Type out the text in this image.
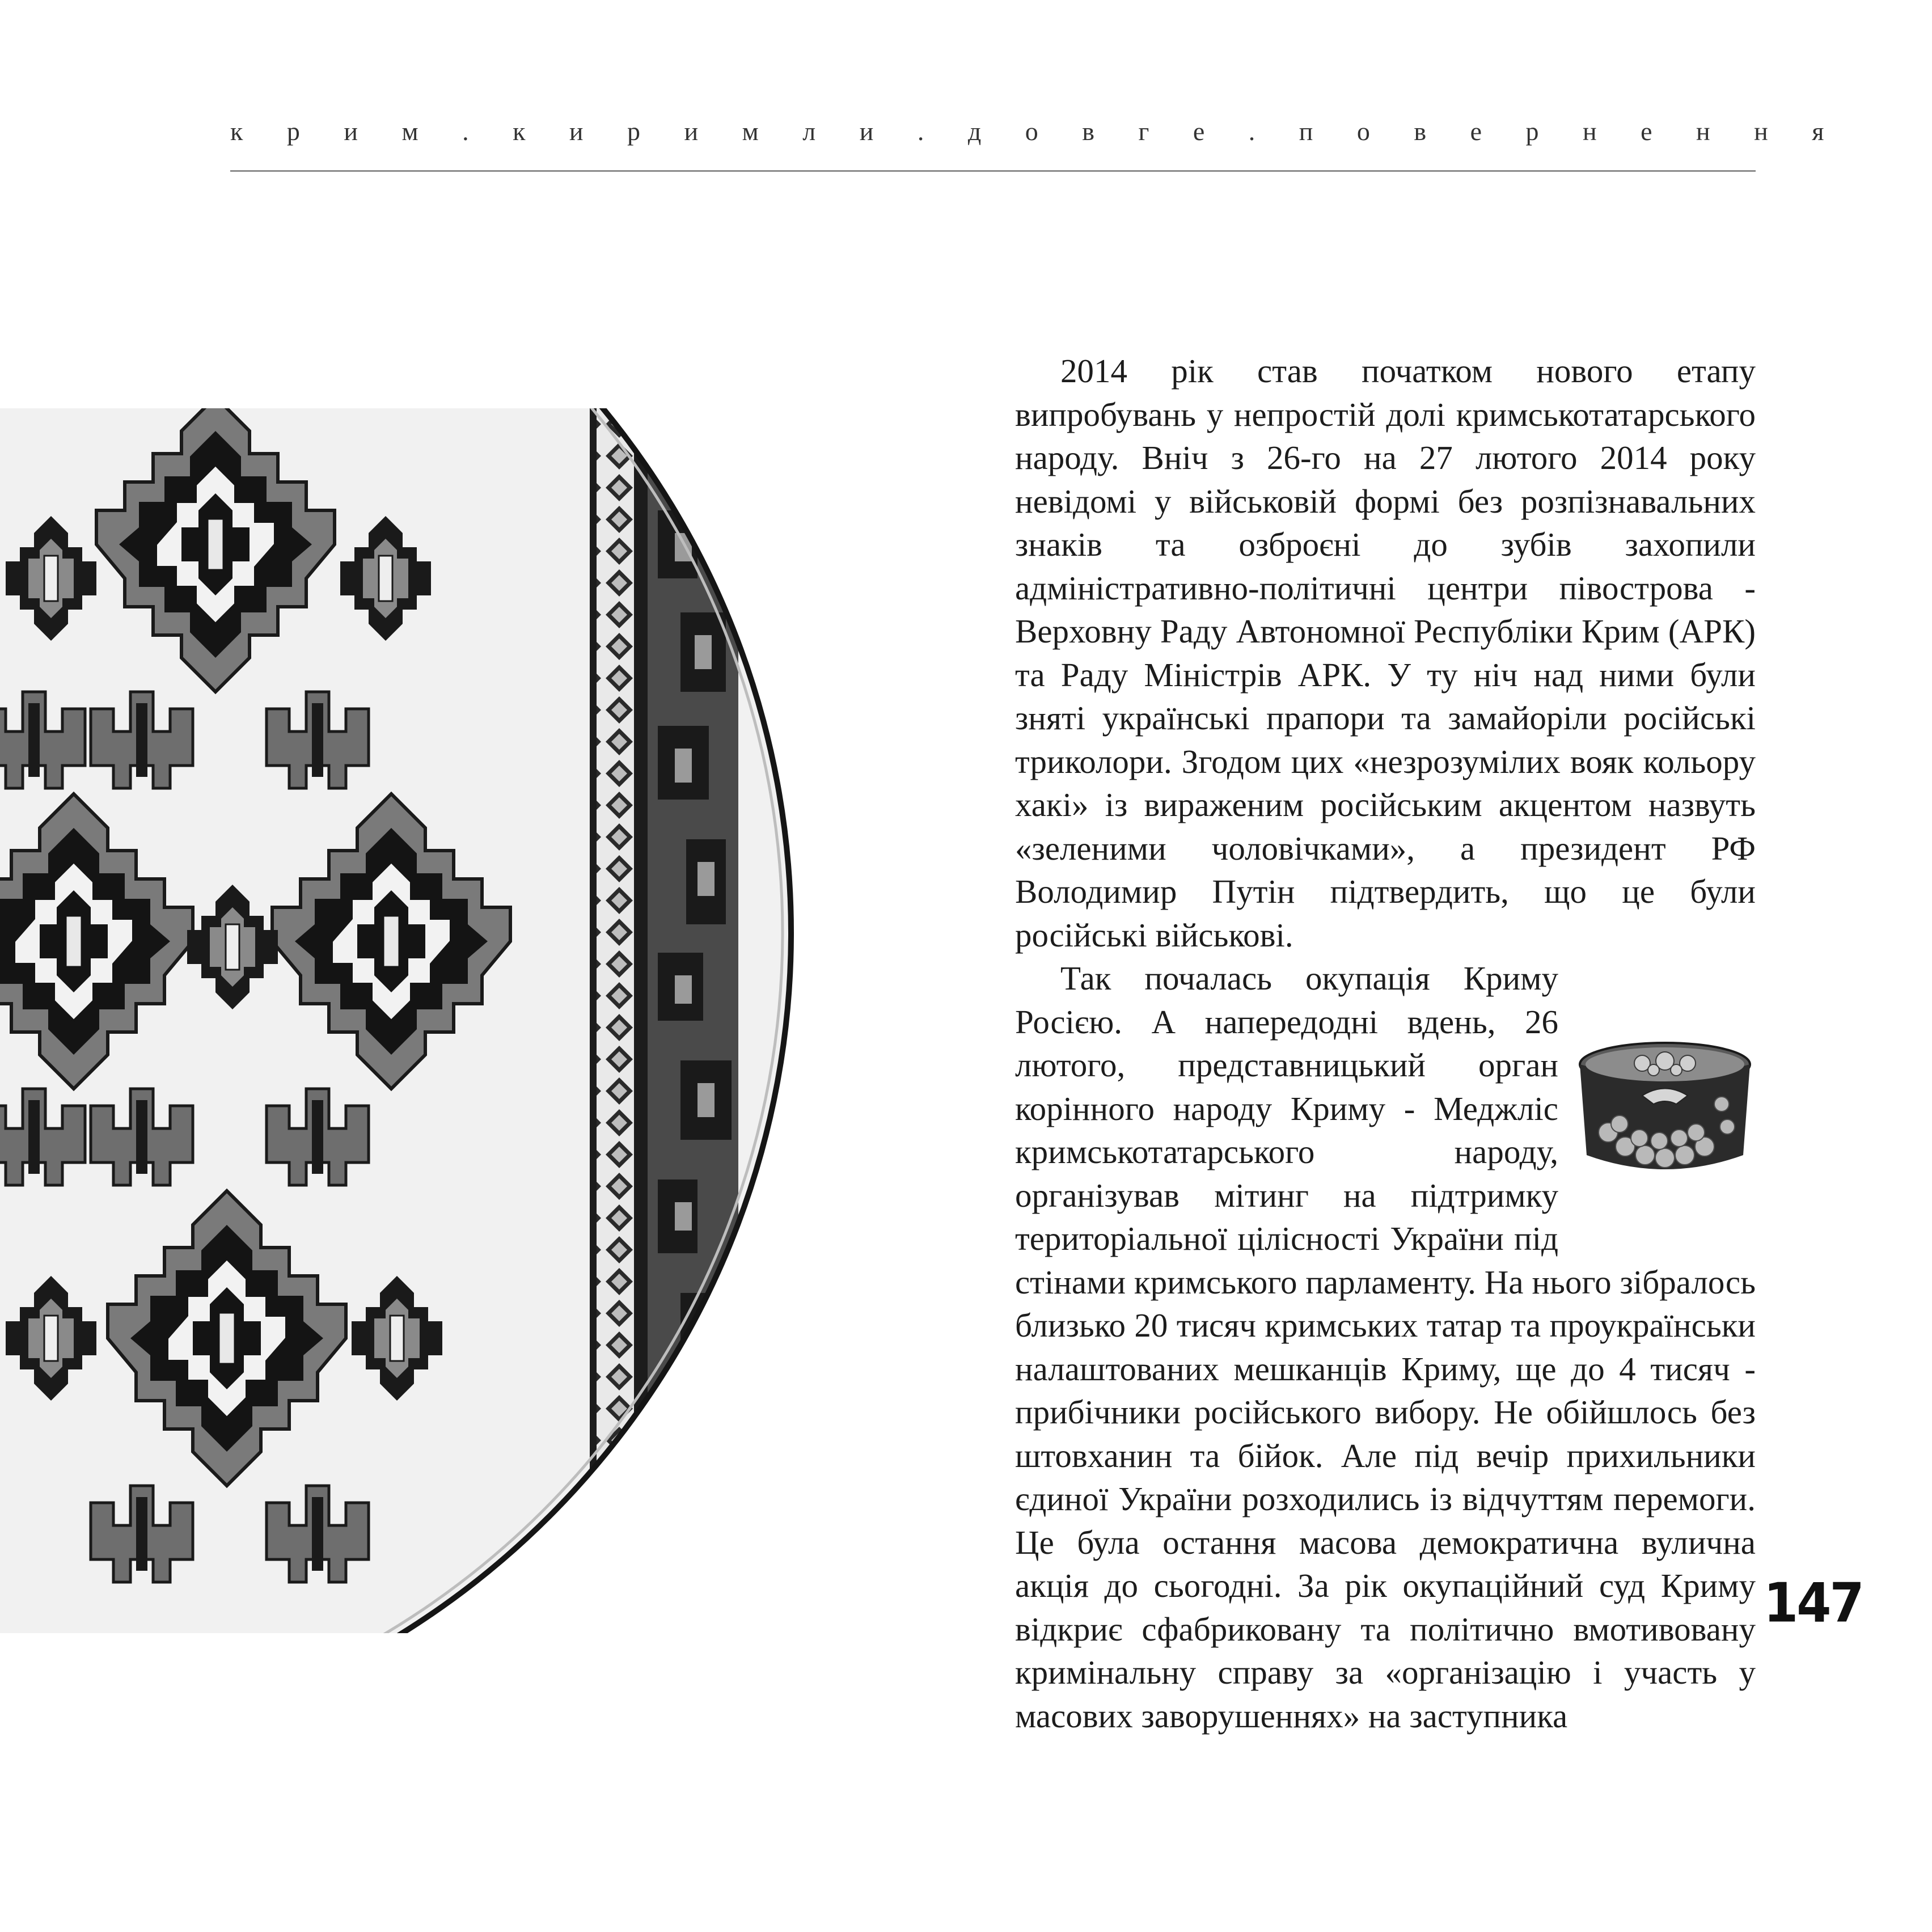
к р и м . к и р и м л и . д о в г е . п о в е р н е н н я

2014 рік став початком нового етапу випробувань у непростій долі кримськотатарського народу. Вніч з 26-го на 27 лютого 2014 року невідомі у військовій формі без розпізнавальних знаків та озброєні до зубів захопили адміністративно-політичні центри півострова - Верховну Раду Автономної Республіки Крим (АРК) та Раду Міністрів АРК. У ту ніч над ними були зняті українські прапори та замайоріли російські триколори. Згодом цих «незрозумілих вояк кольору хакі» із вираженим російським акцентом назвуть «зеленими чоловічками», а президент РФ Володимир Путін підтвердить, що це були російські військові.

Так почалась окупація Криму Росією. А напередодні вдень, 26 лютого, представницький орган корінного народу Криму - Меджліс кримськотатарського народу, організував мітинг на підтримку територіальної цілісності України під стінами кримського парламенту. На нього зібралось близько 20 тисяч кримських татар та проукраїнськи налаштованих мешканців Криму, ще до 4 тисяч - прибічники російського вибору. Не обійшлось без штовханин та бійок. Але під вечір прихильники єдиної України розходились із відчуттям перемоги. Це була остання масова демократична вулична акція до сьогодні. За рік окупаційний суд Криму відкриє сфабриковану та політично вмотивовану кримінальну справу за «організацію і участь у масових заворушеннях» на заступника

147
